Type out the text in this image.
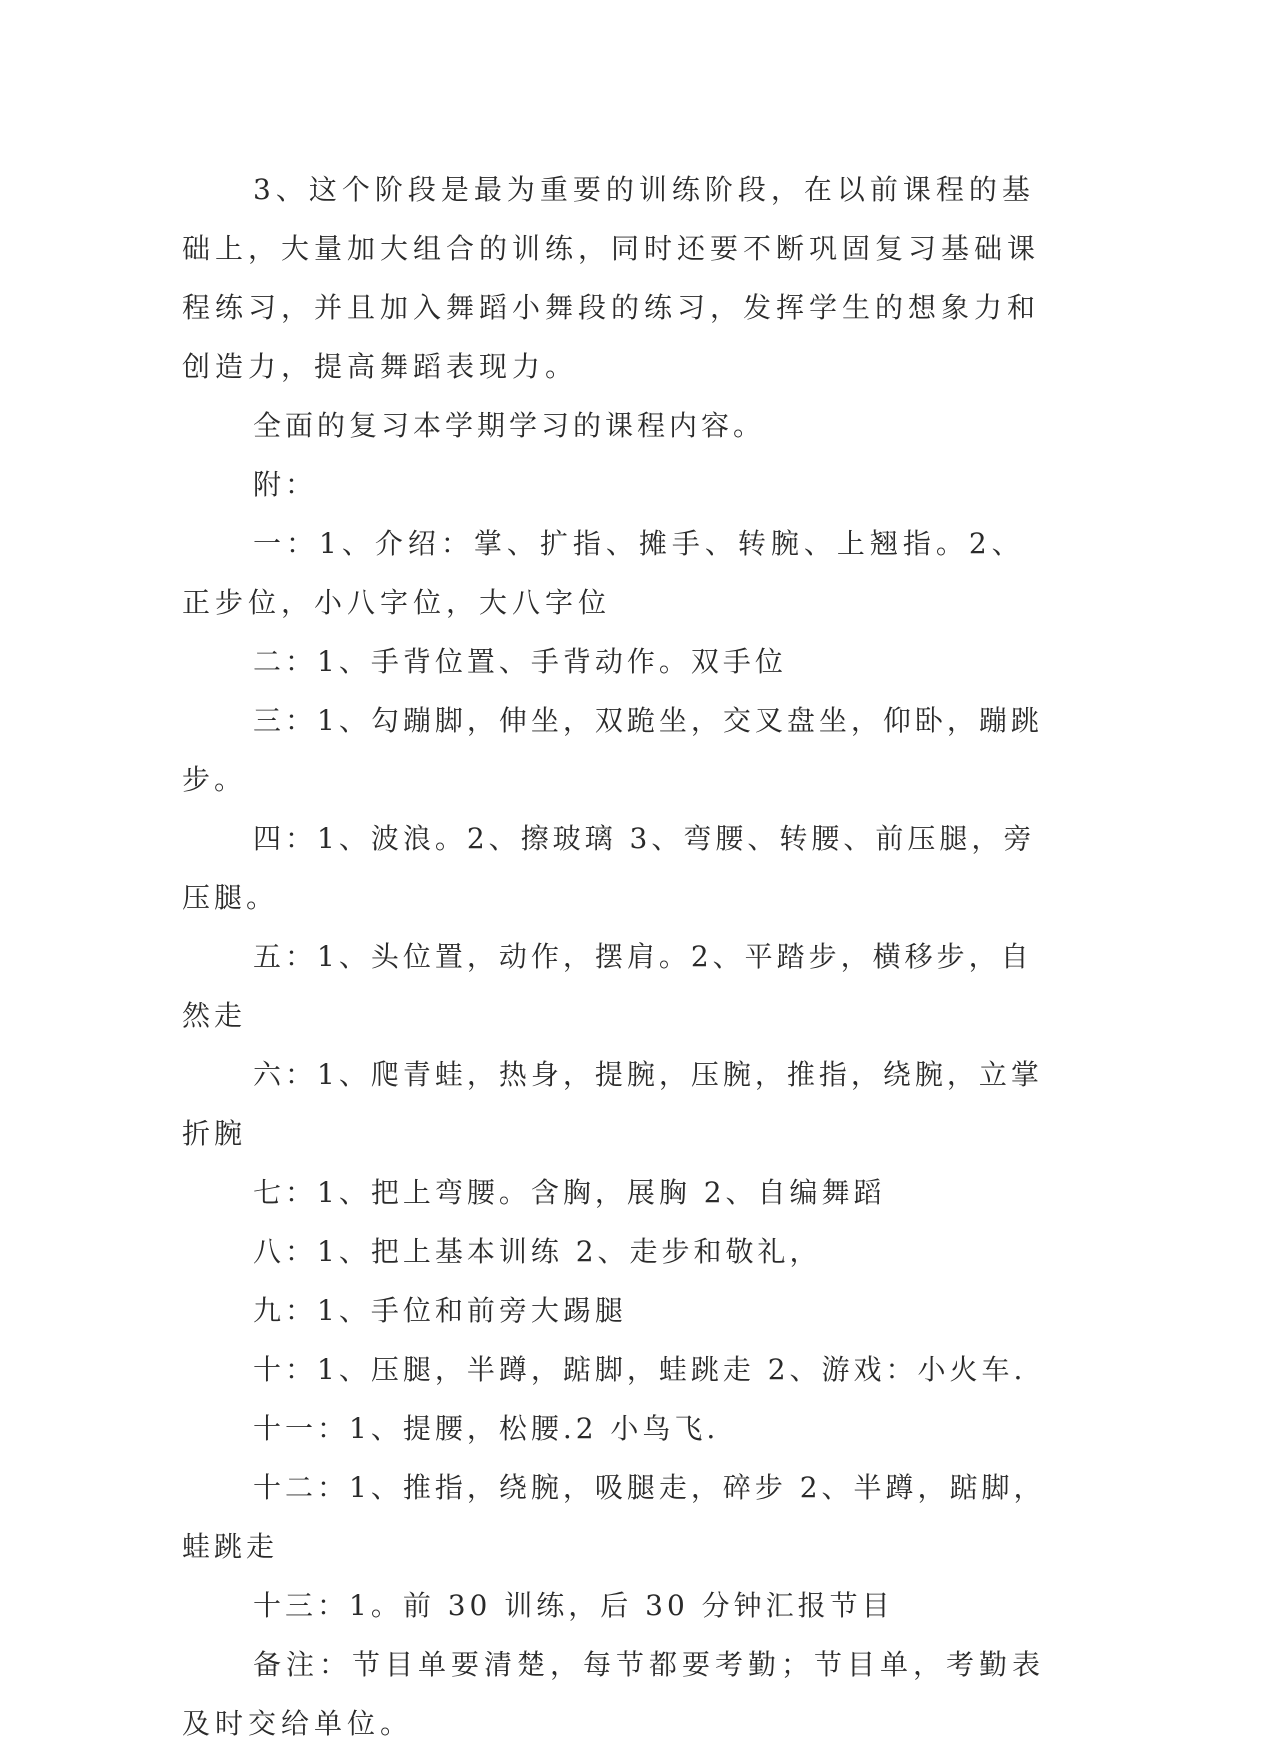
3、这个阶段是最为重要的训练阶段，在以前课程的基础上，大量加大组合的训练，同时还要不断巩固复习基础课程练习，并且加入舞蹈小舞段的练习，发挥学生的想象力和创造力，提高舞蹈表现力。

全面的复习本学期学习的课程内容。

附：

一：1、介绍：掌、扩指、摊手、转腕、上翘指。2、正步位，小八字位，大八字位

二：1、手背位置、手背动作。双手位

三：1、勾蹦脚，伸坐，双跪坐，交叉盘坐，仰卧，蹦跳步。

四：1、波浪。2、擦玻璃 3、弯腰、转腰、前压腿，旁压腿。

五：1、头位置，动作，摆肩。2、平踏步，横移步，自然走

六：1、爬青蛙，热身，提腕，压腕，推指，绕腕，立掌折腕

七：1、把上弯腰。含胸，展胸 2、自编舞蹈

八：1、把上基本训练 2、走步和敬礼，

九：1、手位和前旁大踢腿

十：1、压腿，半蹲，踮脚，蛙跳走 2、游戏：小火车.

十一：1、提腰，松腰.2 小鸟飞.

十二：1、推指，绕腕，吸腿走，碎步 2、半蹲，踮脚，蛙跳走

十三：1。前 30 训练，后 30 分钟汇报节目

备注：节目单要清楚，每节都要考勤；节目单，考勤表及时交给单位。
